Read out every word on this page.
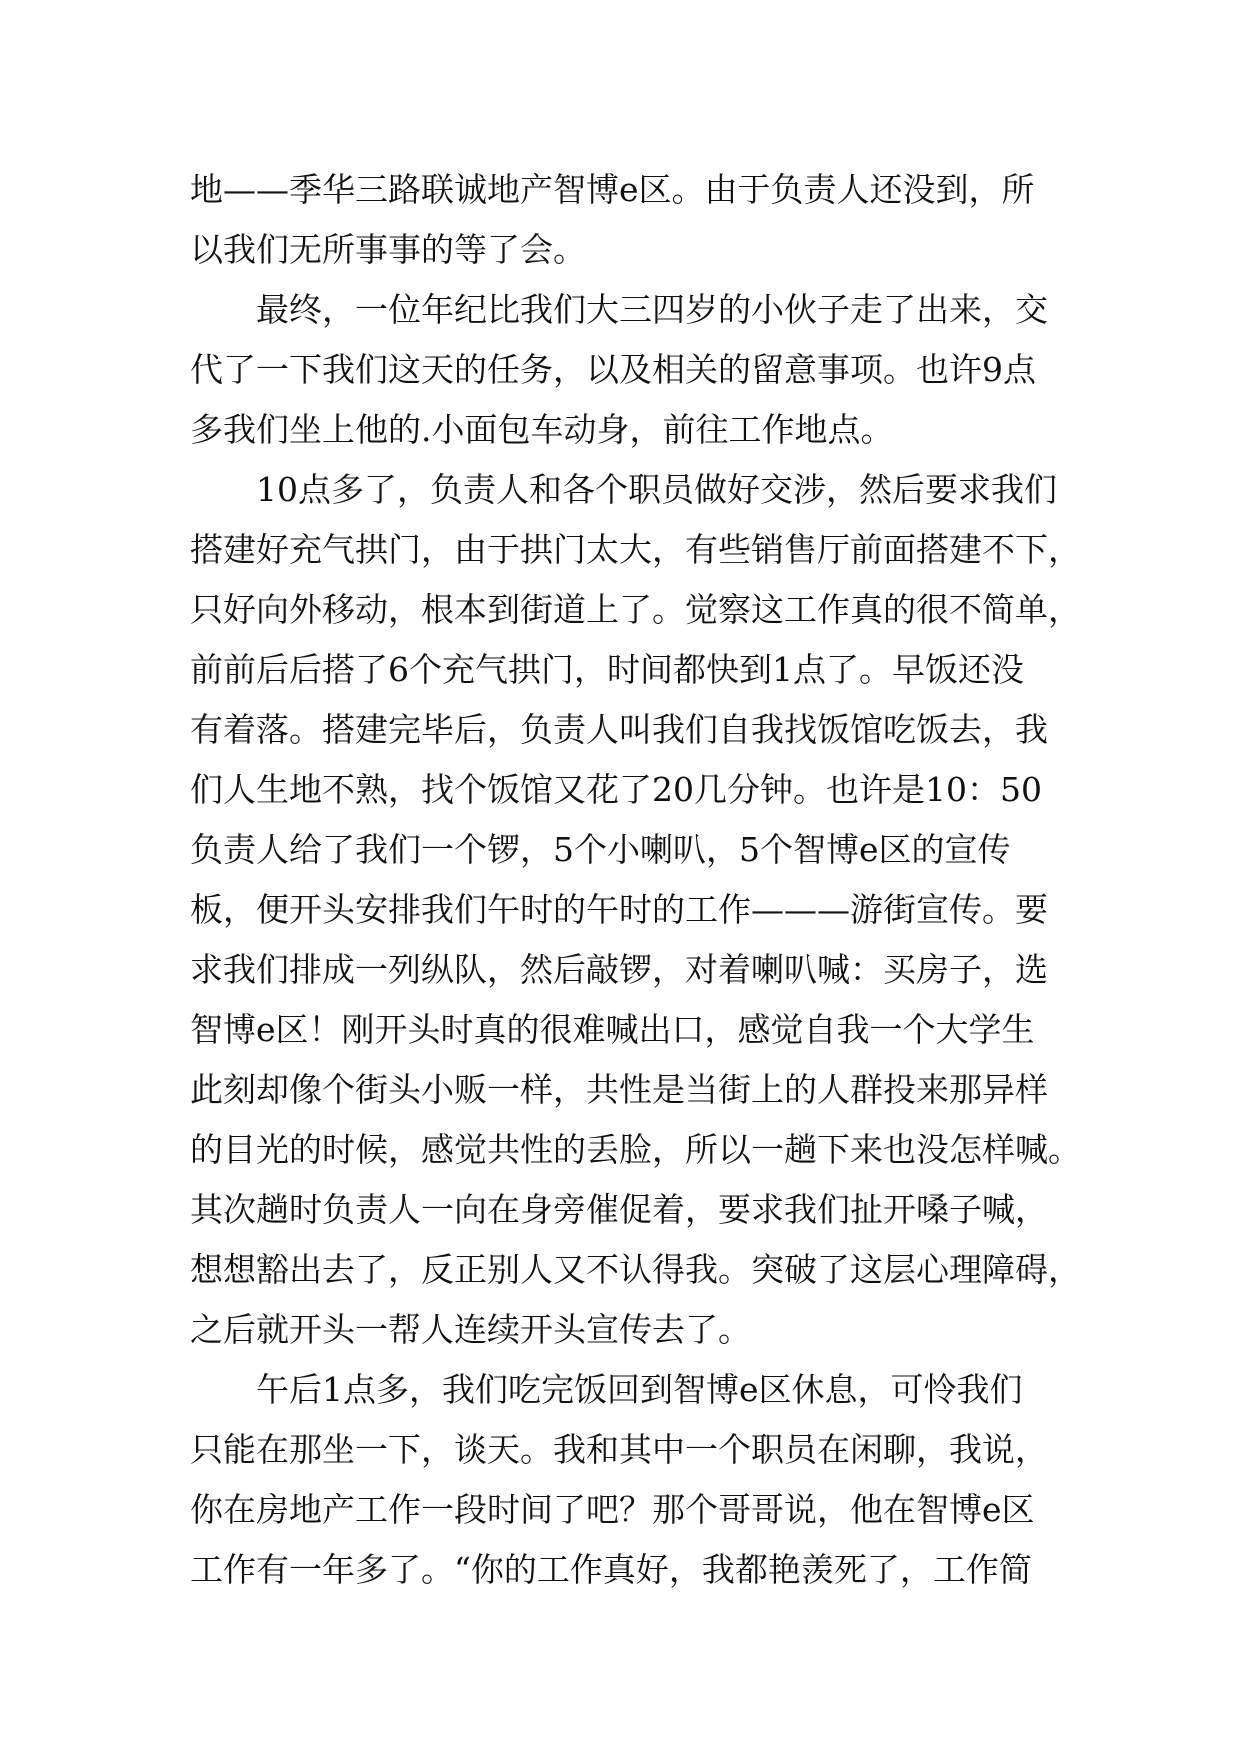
地——季华三路联诚地产智博e区。由于负责人还没到，所
以我们无所事事的等了会。
最终，一位年纪比我们大三四岁的小伙子走了出来，交
代了一下我们这天的任务，以及相关的留意事项。也许9点
多我们坐上他的.小面包车动身，前往工作地点。
10点多了，负责人和各个职员做好交涉，然后要求我们
搭建好充气拱门，由于拱门太大，有些销售厅前面搭建不下，
只好向外移动，根本到街道上了。觉察这工作真的很不简单，
前前后后搭了6个充气拱门，时间都快到1点了。早饭还没
有着落。搭建完毕后，负责人叫我们自我找饭馆吃饭去，我
们人生地不熟，找个饭馆又花了20几分钟。也许是10：50
负责人给了我们一个锣，5个小喇叭，5个智博e区的宣传
板，便开头安排我们午时的午时的工作———游街宣传。要
求我们排成一列纵队，然后敲锣，对着喇叭喊：买房子，选
智博e区！刚开头时真的很难喊出口，感觉自我一个大学生
此刻却像个街头小贩一样，共性是当街上的人群投来那异样
的目光的时候，感觉共性的丢脸，所以一趟下来也没怎样喊。
其次趟时负责人一向在身旁催促着，要求我们扯开嗓子喊，
想想豁出去了，反正别人又不认得我。突破了这层心理障碍，
之后就开头一帮人连续开头宣传去了。
午后1点多，我们吃完饭回到智博e区休息，可怜我们
只能在那坐一下，谈天。我和其中一个职员在闲聊，我说，
你在房地产工作一段时间了吧？那个哥哥说，他在智博e区
工作有一年多了。“你的工作真好，我都艳羡死了，工作简
